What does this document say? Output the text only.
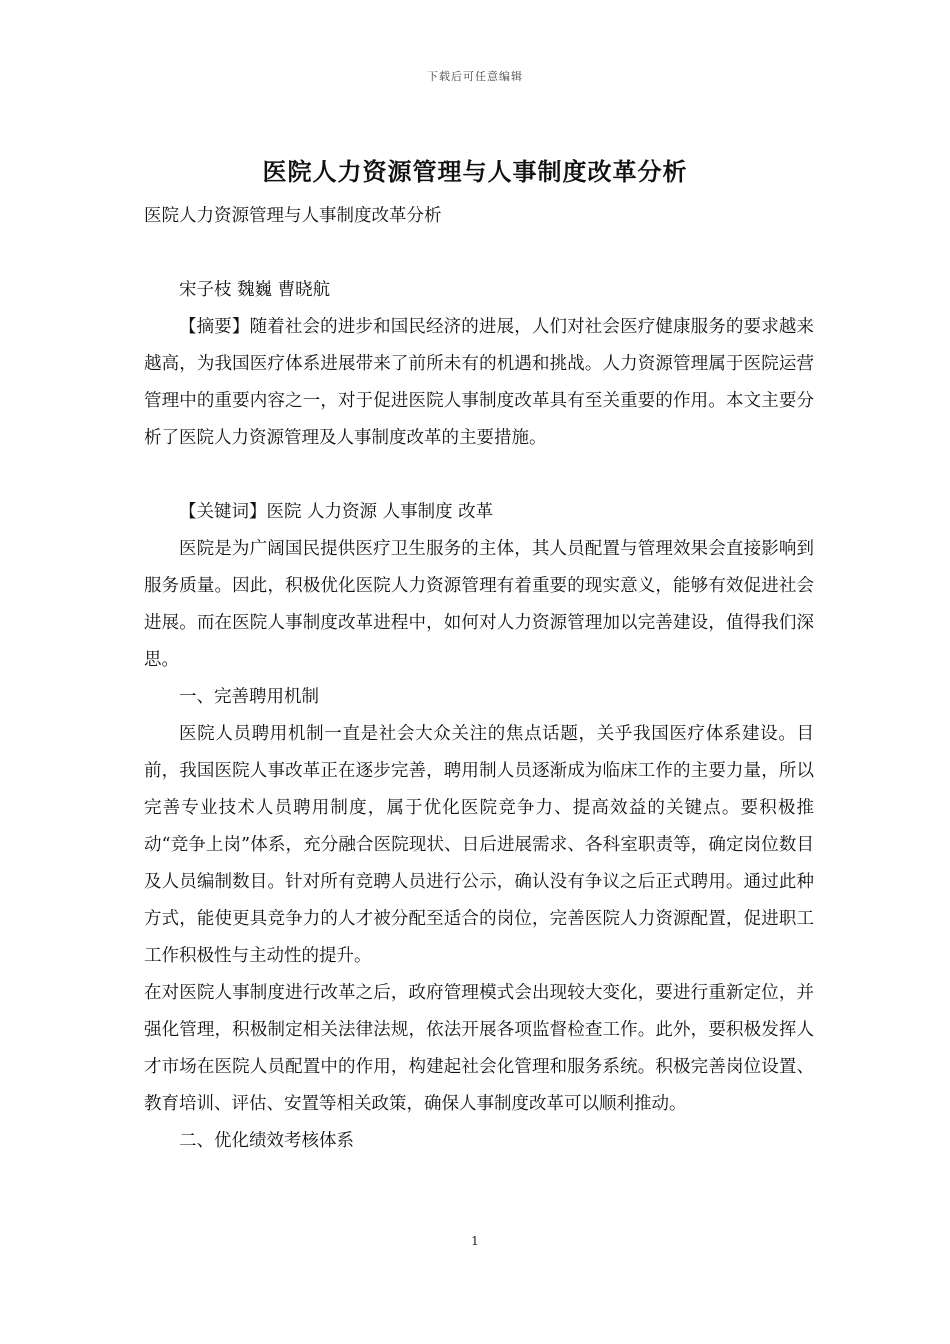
下载后可任意编辑
医院人力资源管理与人事制度改革分析

医院人力资源管理与人事制度改革分析

宋子枝 魏巍 曹晓航

【摘要】随着社会的进步和国民经济的进展，人们对社会医疗健康服务的要求越来越高，为我国医疗体系进展带来了前所未有的机遇和挑战。人力资源管理属于医院运营管理中的重要内容之一，对于促进医院人事制度改革具有至关重要的作用。本文主要分析了医院人力资源管理及人事制度改革的主要措施。

【关键词】医院 人力资源 人事制度 改革

医院是为广阔国民提供医疗卫生服务的主体，其人员配置与管理效果会直接影响到服务质量。因此，积极优化医院人力资源管理有着重要的现实意义，能够有效促进社会进展。而在医院人事制度改革进程中，如何对人力资源管理加以完善建设，值得我们深思。

一、完善聘用机制

医院人员聘用机制一直是社会大众关注的焦点话题，关乎我国医疗体系建设。目前，我国医院人事改革正在逐步完善，聘用制人员逐渐成为临床工作的主要力量，所以完善专业技术人员聘用制度，属于优化医院竞争力、提高效益的关键点。要积极推动“竞争上岗”体系，充分融合医院现状、日后进展需求、各科室职责等，确定岗位数目及人员编制数目。针对所有竞聘人员进行公示，确认没有争议之后正式聘用。通过此种方式，能使更具竞争力的人才被分配至适合的岗位，完善医院人力资源配置，促进职工工作积极性与主动性的提升。

在对医院人事制度进行改革之后，政府管理模式会出现较大变化，要进行重新定位，并强化管理，积极制定相关法律法规，依法开展各项监督检查工作。此外，要积极发挥人才市场在医院人员配置中的作用，构建起社会化管理和服务系统。积极完善岗位设置、教育培训、评估、安置等相关政策，确保人事制度改革可以顺利推动。

二、优化绩效考核体系

1
